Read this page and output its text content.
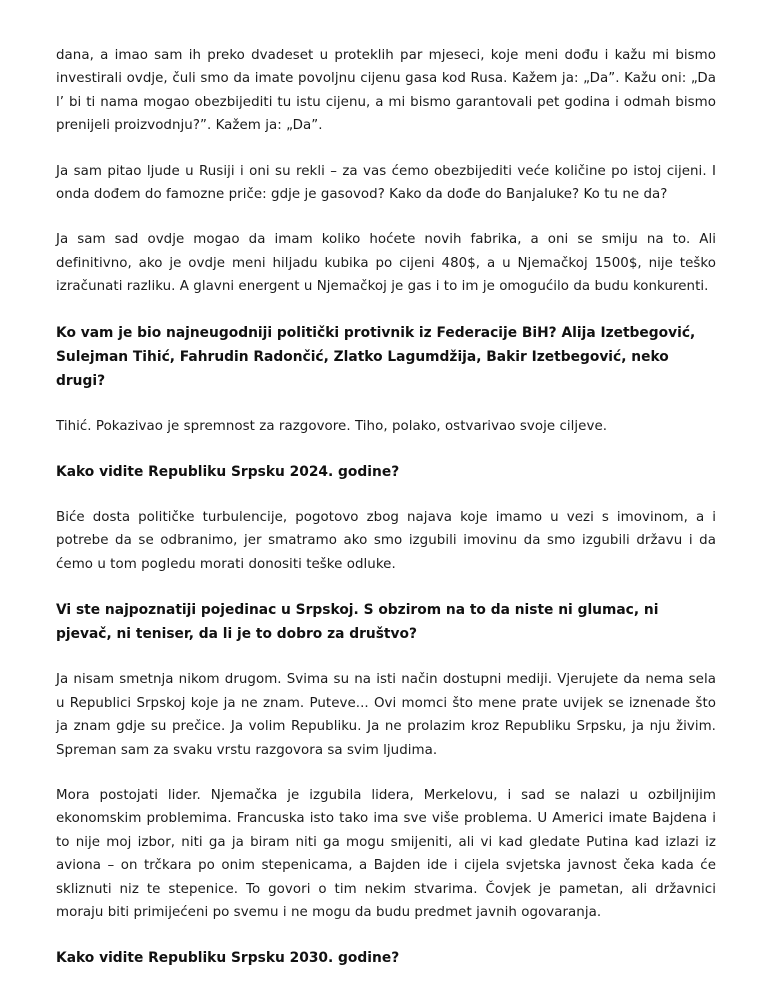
dana, a imao sam ih preko dvadeset u proteklih par mjeseci, koje meni dođu i kažu mi bismo investirali ovdje, čuli smo da imate povoljnu cijenu gasa kod Rusa. Kažem ja: „Da”. Kažu oni: „Da l’ bi ti nama mogao obezbijediti tu istu cijenu, a mi bismo garantovali pet godina i odmah bismo prenijeli proizvodnju?”. Kažem ja: „Da”.

Ja sam pitao ljude u Rusiji i oni su rekli – za vas ćemo obezbijediti veće količine po istoj cijeni. I onda dođem do famozne priče: gdje je gasovod? Kako da dođe do Banjaluke? Ko tu ne da?

Ja sam sad ovdje mogao da imam koliko hoćete novih fabrika, a oni se smiju na to. Ali definitivno, ako je ovdje meni hiljadu kubika po cijeni 480$, a u Njemačkoj 1500$, nije teško izračunati razliku. A glavni energent u Njemačkoj je gas i to im je omogućilo da budu konkurenti.

Ko vam je bio najneugodniji politički protivnik iz Federacije BiH? Alija Izetbegović, Sulejman Tihić, Fahrudin Radončić, Zlatko Lagumdžija, Bakir Izetbegović, neko drugi?

Tihić. Pokazivao je spremnost za razgovore. Tiho, polako, ostvarivao svoje ciljeve.

Kako vidite Republiku Srpsku 2024. godine?

Biće dosta političke turbulencije, pogotovo zbog najava koje imamo u vezi s imovinom, a i potrebe da se odbranimo, jer smatramo ako smo izgubili imovinu da smo izgubili državu i da ćemo u tom pogledu morati donositi teške odluke.

Vi ste najpoznatiji pojedinac u Srpskoj. S obzirom na to da niste ni glumac, ni pjevač, ni teniser, da li je to dobro za društvo?

Ja nisam smetnja nikom drugom. Svima su na isti način dostupni mediji. Vjerujete da nema sela u Republici Srpskoj koje ja ne znam. Puteve... Ovi momci što mene prate uvijek se iznenade što ja znam gdje su prečice. Ja volim Republiku. Ja ne prolazim kroz Republiku Srpsku, ja nju živim. Spreman sam za svaku vrstu razgovora sa svim ljudima.

Mora postojati lider. Njemačka je izgubila lidera, Merkelovu, i sad se nalazi u ozbiljnijim ekonomskim problemima. Francuska isto tako ima sve više problema. U Americi imate Bajdena i to nije moj izbor, niti ga ja biram niti ga mogu smijeniti, ali vi kad gledate Putina kad izlazi iz aviona – on trčkara po onim stepenicama, a Bajden ide i cijela svjetska javnost čeka kada će skliznuti niz te stepenice. To govori o tim nekim stvarima. Čovjek je pametan, ali državnici moraju biti primijećeni po svemu i ne mogu da budu predmet javnih ogovaranja.

Kako vidite Republiku Srpsku 2030. godine?
